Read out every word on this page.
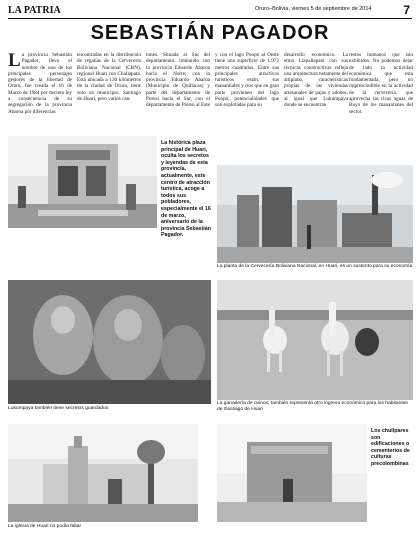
LA PATRIA	Oruro–Bolivia, viernes 5 de septiembre de 2014	7
SEBASTIÁN PAGADOR
La provincia Sebastián Pagador, lleva el nombre de uno de los principales personajes gestores de la libertad de Oruro, fue creada el 16 de Marzo de 1984 por decreto ley a consecuencia de su segregación de la provincia Abaroa por diferencias
encontradas en la distribución de regalías de la Cervecería Boliviana Nacional (CBN), regional Huari con Challapata. Está ubicada a 130 kilómetros de la ciudad de Oruro, tiene solo un municipio, Santiago de Huari, pero varios can-
tones. Situada al Sur del departamento, limitando con la provincia Eduardo Abaroa hacia el Norte; con la provincia Eduardo Abaroa (Municipio de Quillacas) y parte del departamento de Potosí hacia el Sur, con el departamento de Potosí al Este
y con el lago Poopó al Oeste tiene una superficie de 1.972 metros cuadrados. Entre sus principales atractivos turísticos están, sus manantiales y ríos que en gran parte provienen del lago Poopó, potencialidades que son explotadas para su
desarrollo económico. La etnia Llapallapani con sus técnicas constructivas refleja una arquitectura netamente del altiplano, características propias de las viviendas artesanales de pajas y adobes, al igual que Lukumpaya donde se encuentran
restos humanos que son exhibidos. No podemos dejar de lado la actividad económica que esta fundamentada, pero no imprescindible en la actividad de la cervecería, que aprovecha las ricas aguas de Buyo de los manantiales del sector.
La histórica plaza principal de Huari, oculta los secretos y leyendas de esta provincia, actualmente, este centro de atracción turística, acoge a todos sus pobladores, especialmente el 16 de marzo, aniversario de la provincia Sebastián Pagador.
La planta de la Cervecería Boliviana Nacional, en Huari, es un sustento para su economía
Lukumpaya también tiene secretos guardados
La ganadería de ovinos, también representa otro ingreso económico para los habitantes de Santiago de Huari
La iglesia de Huari no podía faltar
Los chullpares son edificaciones o cementerios de culturas precolombinas
